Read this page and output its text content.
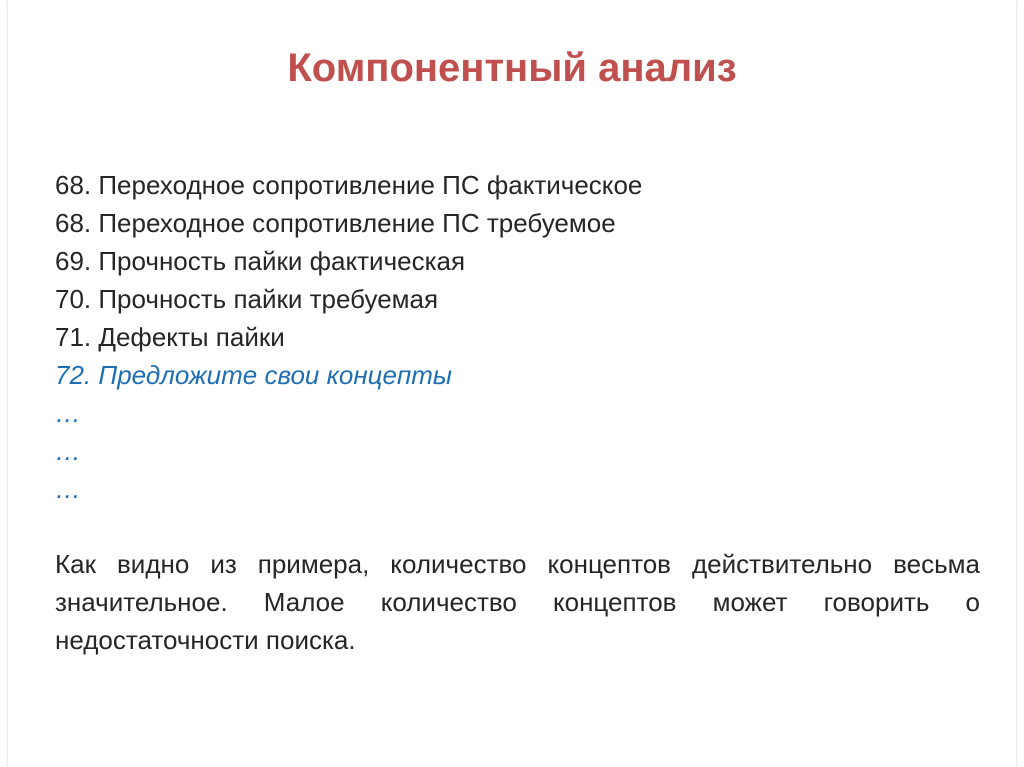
Компонентный анализ
68. Переходное сопротивление ПС фактическое
68. Переходное сопротивление ПС требуемое
69. Прочность пайки фактическая
70. Прочность пайки требуемая
71. Дефекты пайки
72. Предложите свои концепты
…
…
…

Как видно из примера, количество концептов действительно весьма значительное. Малое количество концептов может говорить о недостаточности поиска.
